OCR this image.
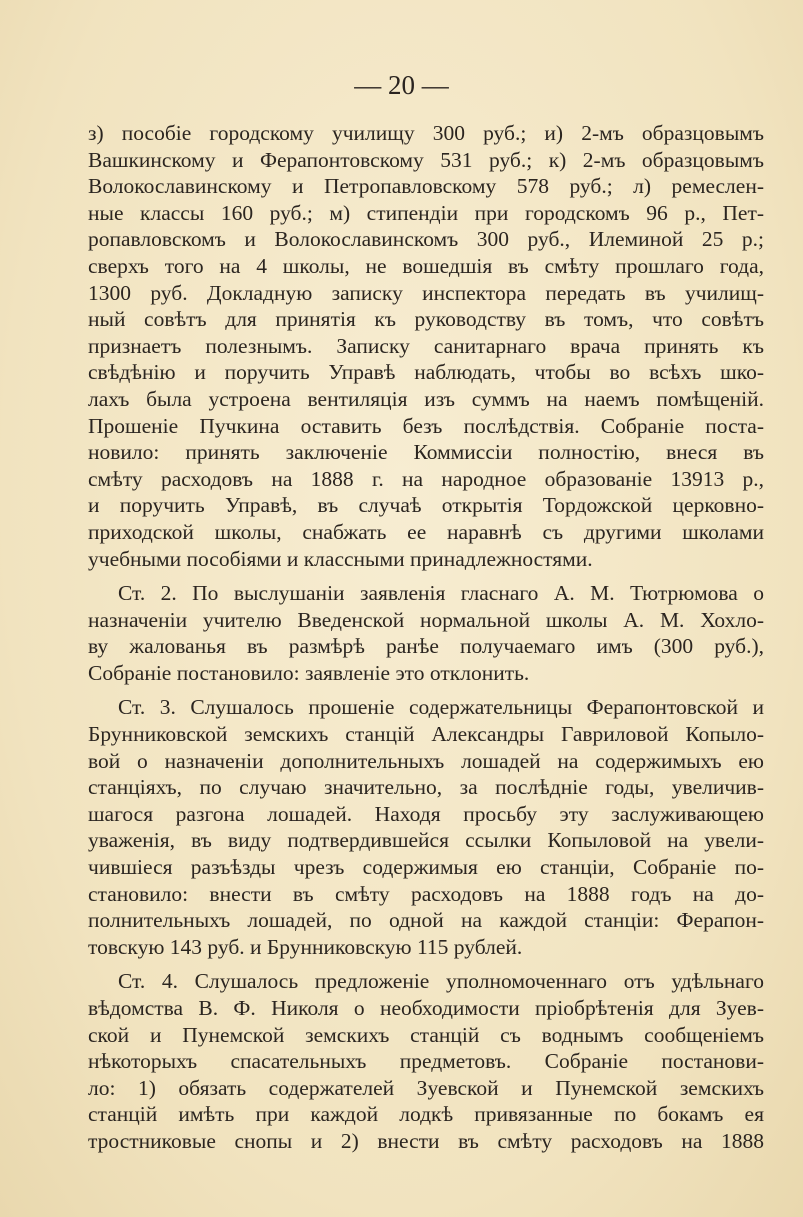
— 20 —
з) пособіе городскому училищу 300 руб.; и) 2-мъ образцовымъ
Вашкинскому и Ферапонтовскому 531 руб.; к) 2-мъ образцовымъ
Волокославинскому и Петропавловскому 578 руб.; л) ремеслен-
ные классы 160 руб.; м) стипендіи при городскомъ 96 р., Пет-
ропавловскомъ и Волокославинскомъ 300 руб., Илеминой 25 р.;
сверхъ того на 4 школы, не вошедшія въ смѣту прошлаго года,
1300 руб. Докладную записку инспектора передать въ училищ-
ный совѣтъ для принятія къ руководству въ томъ, что совѣтъ
признаетъ полезнымъ. Записку санитарнаго врача принять къ
свѣдѣнію и поручить Управѣ наблюдать, чтобы во всѣхъ шко-
лахъ была устроена вентиляція изъ суммъ на наемъ помѣщеній.
Прошеніе Пучкина оставить безъ послѣдствія. Собраніе поста-
новило: принять заключеніе Коммиссіи полностію, внеся въ
смѣту расходовъ на 1888 г. на народное образованіе 13913 р.,
и поручить Управѣ, въ случаѣ открытія Тордожской церковно-
приходской школы, снабжать ее наравнѣ съ другими школами
учебными пособіями и классными принадлежностями.
Ст. 2. По выслушаніи заявленія гласнаго А. М. Тютрюмова о
назначеніи учителю Введенской нормальной школы А. М. Хохло-
ву жалованья въ размѣрѣ ранѣе получаемаго имъ (300 руб.),
Собраніе постановило: заявленіе это отклонить.
Ст. 3. Слушалось прошеніе содержательницы Ферапонтовской и
Брунниковской земскихъ станцій Александры Гавриловой Копыло-
вой о назначеніи дополнительныхъ лошадей на содержимыхъ ею
станціяхъ, по случаю значительно, за послѣдніе годы, увеличив-
шагося разгона лошадей. Находя просьбу эту заслуживающею
уваженія, въ виду подтвердившейся ссылки Копыловой на увели-
чившіеся разъѣзды чрезъ содержимыя ею станціи, Собраніе по-
становило: внести въ смѣту расходовъ на 1888 годъ на до-
полнительныхъ лошадей, по одной на каждой станціи: Ферапон-
товскую 143 руб. и Брунниковскую 115 рублей.
Ст. 4. Слушалось предложеніе уполномоченнаго отъ удѣльнаго
вѣдомства В. Ф. Николя о необходимости пріобрѣтенія для Зуев-
ской и Пунемской земскихъ станцій съ воднымъ сообщеніемъ
нѣкоторыхъ спасательныхъ предметовъ. Собраніе постанови-
ло: 1) обязать содержателей Зуевской и Пунемской земскихъ
станцій имѣть при каждой лодкѣ привязанные по бокамъ ея
тростниковые снопы и 2) внести въ смѣту расходовъ на 1888
